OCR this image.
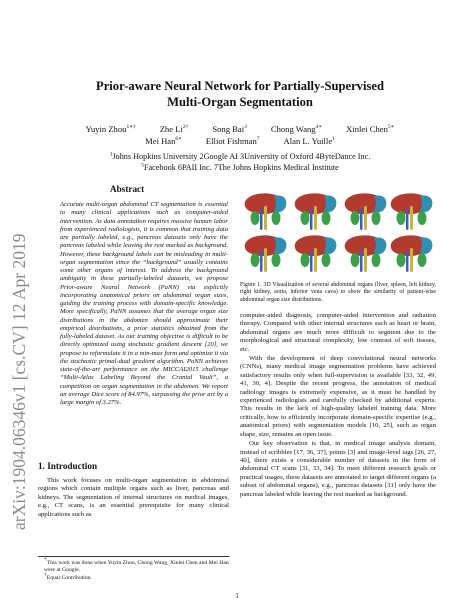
arXiv:1904.06346v1 [cs.CV] 12 Apr 2019
Prior-aware Neural Network for Partially-Supervised
Multi-Organ Segmentation
Yuyin Zhou$^{1∗\dagger}$	Zhe $Li^{2\dagger}$	Song Bai$^3$	Chong Wang$^{4∗}$	Xinlei Chen$^{5∗}$
Mei Han$^{6∗}$	Elliot Fishman$^7$	Alan L. Yuille$^1$
$^1$Johns Hopkins University 2Google AI 3University of Oxford 4ByteDance Inc.
$^5$Facebook 6PAII Inc. 7The Johns Hopkins Medical Institute
Abstract
Accurate multi-organ abdominal CT segmentation is essential to many clinical applications such as computer-aided intervention. As data annotation requires massive human labor from experienced radiologists, it is common that training data are partially labeled, e.g., pancreas datasets only have the pancreas labeled while leaving the rest marked as background. However, these background labels can be misleading in multi-organ segmentation since the “background” usually contains some other organs of interest. To address the background ambiguity in these partially-labeled datasets, we propose Prior-aware Neural Network (PaNN) via explicitly incorporating anatomical priors on abdominal organ sizes, guiding the training process with domain-specific knowledge. More specifically, PaNN assumes that the average organ size distributions in the abdomen should approximate their empirical distributions, a prior statistics obtained from the fully-labeled dataset. As our training objective is difficult to be directly optimized using stochastic gradient descent [20], we propose to reformulate it in a min-max form and optimize it via the stochastic primal-dual gradient algorithm. PaNN achieves state-of-the-art performance on the MICCAI2015 challenge “Multi-Atlas Labeling Beyond the Cranial Vault”, a competition on organ segmentation in the abdomen. We report an average Dice score of 84.97%, surpassing the prior art by a large margin of 3.27%.
1. Introduction

This work focuses on multi-organ segmentation in abdominal regions which contain multiple organs such as liver, pancreas and kidneys. The segmentation of internal structures on medical images, e.g., CT scans, is an essential prerequisite for many clinical applications such as

*This work was done when Yuyin Zhou, Chong Wang, Xinlei Chen and Mei Han were at Google.

†Equal Contribution.

Figure 1. 3D Visualization of several abdominal organs (liver, spleen, left kidney, right kidney, aorta, inferior vena cava) to show the similarity of patient-wise abdominal organ size distributions.

computer-aided diagnosis, computer-aided intervention and radiation therapy. Compared with other internal structures such as heart or brain, abdominal organs are much more difficult to segment due to the morphological and structural complexity, low contrast of soft tissues, etc.

With the development of deep convolutional neural networks (CNNs), many medical image segmentation problems have achieved satisfactory results only when full-supervision is available [33, 32, 49, 41, 30, 4]. Despite the recent progress, the annotation of medical radiology images is extremely expensive, as it must be handled by experienced radiologists and carefully checked by additional experts. This results in the lack of high-quality labeled training data. More critically, how to efficiently incorporate domain-specific expertise (e.g., anatomical priors) with segmentation models [10, 25], such as organ shape, size, remains an open issue.

Our key observation is that, in medical image analysis domain, instead of scribbles [17, 36, 37], points [3] and image-level tags [26, 27, 40], there exists a considerable number of datasets in the form of abdominal CT scans [31, 33, 34]. To meet different research goals or practical usages, these datasets are annotated to target different organs (a subset of abdominal organs), e.g., pancreas datasets [31] only have the pancreas labeled while leaving the rest marked as background.

1
